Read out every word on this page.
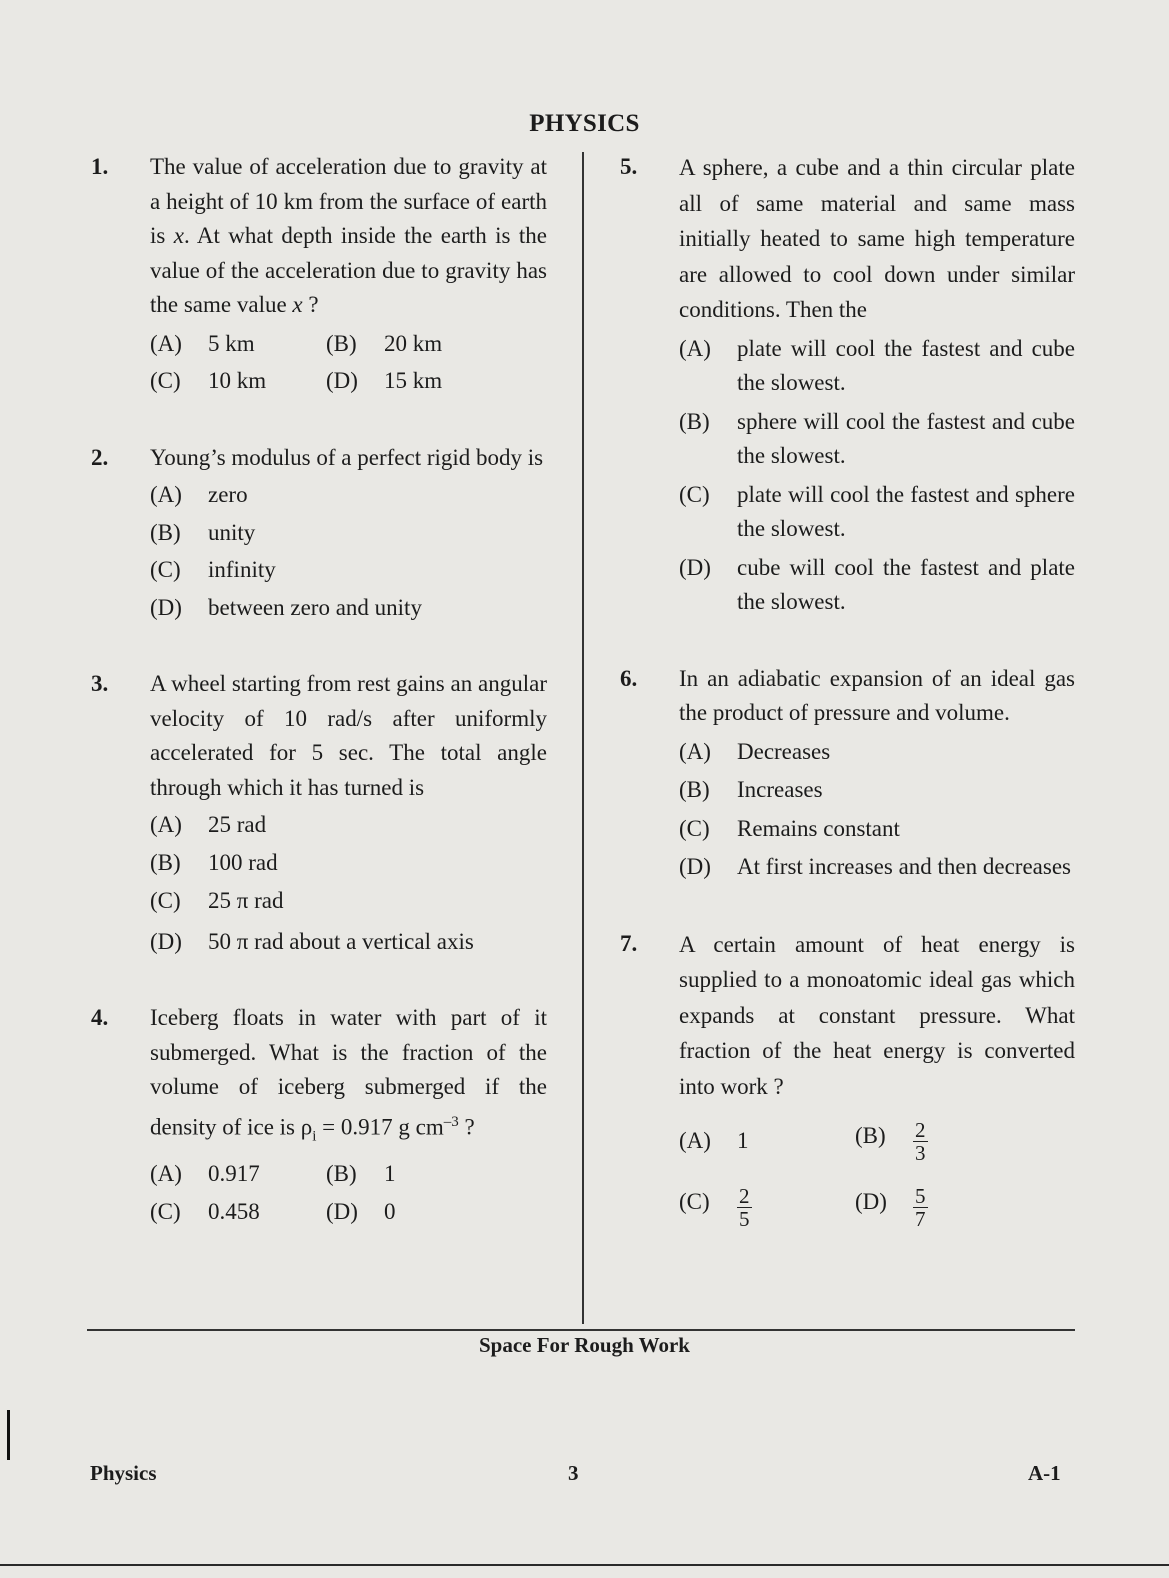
PHYSICS
1. The value of acceleration due to gravity at a height of 10 km from the surface of earth is x. At what depth inside the earth is the value of the acceleration due to gravity has the same value x ?
(A) 5 km	(B) 20 km
(C) 10 km	(D) 15 km
2. Young’s modulus of a perfect rigid body is
(A) zero
(B) unity
(C) infinity
(D) between zero and unity
3. A wheel starting from rest gains an angular velocity of 10 rad/s after uniformly accelerated for 5 sec. The total angle through which it has turned is
(A) 25 rad
(B) 100 rad
(C) 25 π rad
(D) 50 π rad about a vertical axis
4. Iceberg floats in water with part of it submerged. What is the fraction of the volume of iceberg submerged if the density of ice is $\rho_i = 0.917$ g $cm^{-3}$ ?
(A) 0.917	(B) 1
(C) 0.458	(D) 0
5. A sphere, a cube and a thin circular plate all of same material and same mass initially heated to same high temperature are allowed to cool down under similar conditions. Then the
(A) plate will cool the fastest and cube the slowest.
(B) sphere will cool the fastest and cube the slowest.
(C) plate will cool the fastest and sphere the slowest.
(D) cube will cool the fastest and plate the slowest.
6. In an adiabatic expansion of an ideal gas the product of pressure and volume.
(A) Decreases
(B) Increases
(C) Remains constant
(D) At first increases and then decreases
7. A certain amount of heat energy is supplied to a monoatomic ideal gas which expands at constant pressure. What fraction of the heat energy is converted into work ?
(A) 1	$(B) \frac{2}{3}$
$(C) \frac{2}{5}$	$(D) \frac{5}{7}$
Space For Rough Work
Physics	3	A-1
